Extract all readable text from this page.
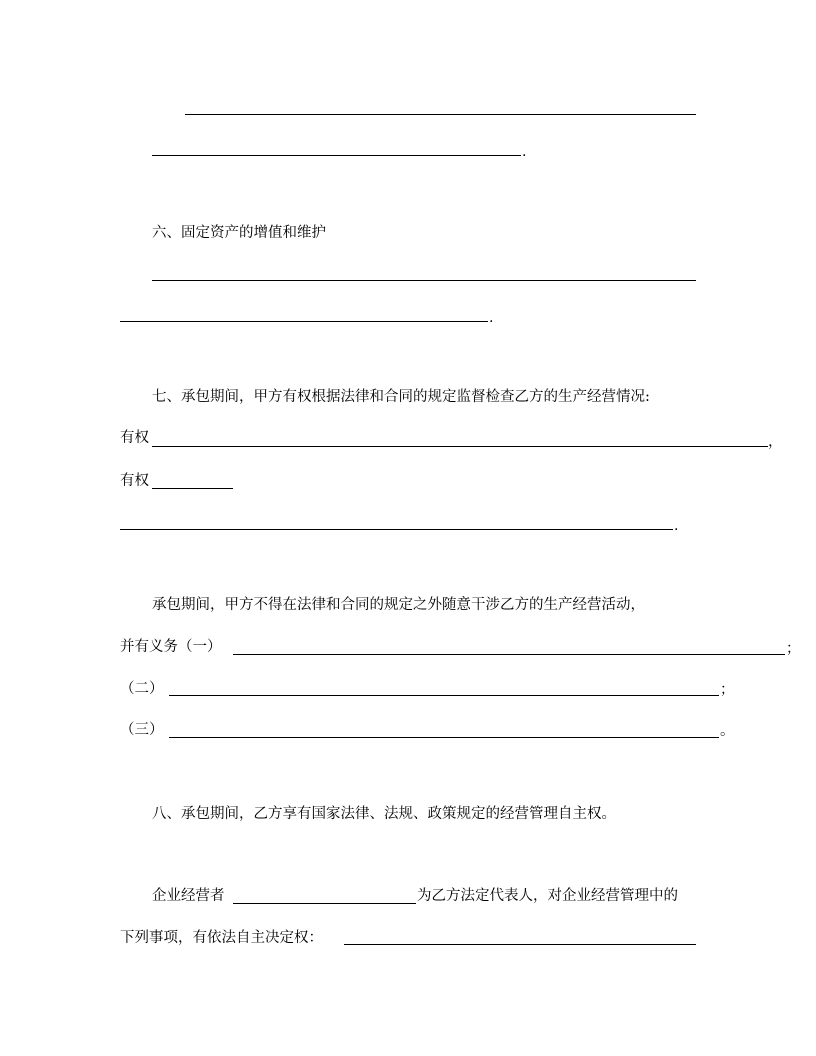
.
六、固定资产的增值和维护
.
七、承包期间，甲方有权根据法律和合同的规定监督检查乙方的生产经营情况:
有权	，
有权
.
承包期间，甲方不得在法律和合同的规定之外随意干涉乙方的生产经营活动，
并有义务（一）	；
（二）	；
（三）	。
八、承包期间，乙方享有国家法律、法规、政策规定的经营管理自主权。
企业经营者	为乙方法定代表人，对企业经营管理中的
下列事项，有依法自主决定权：
